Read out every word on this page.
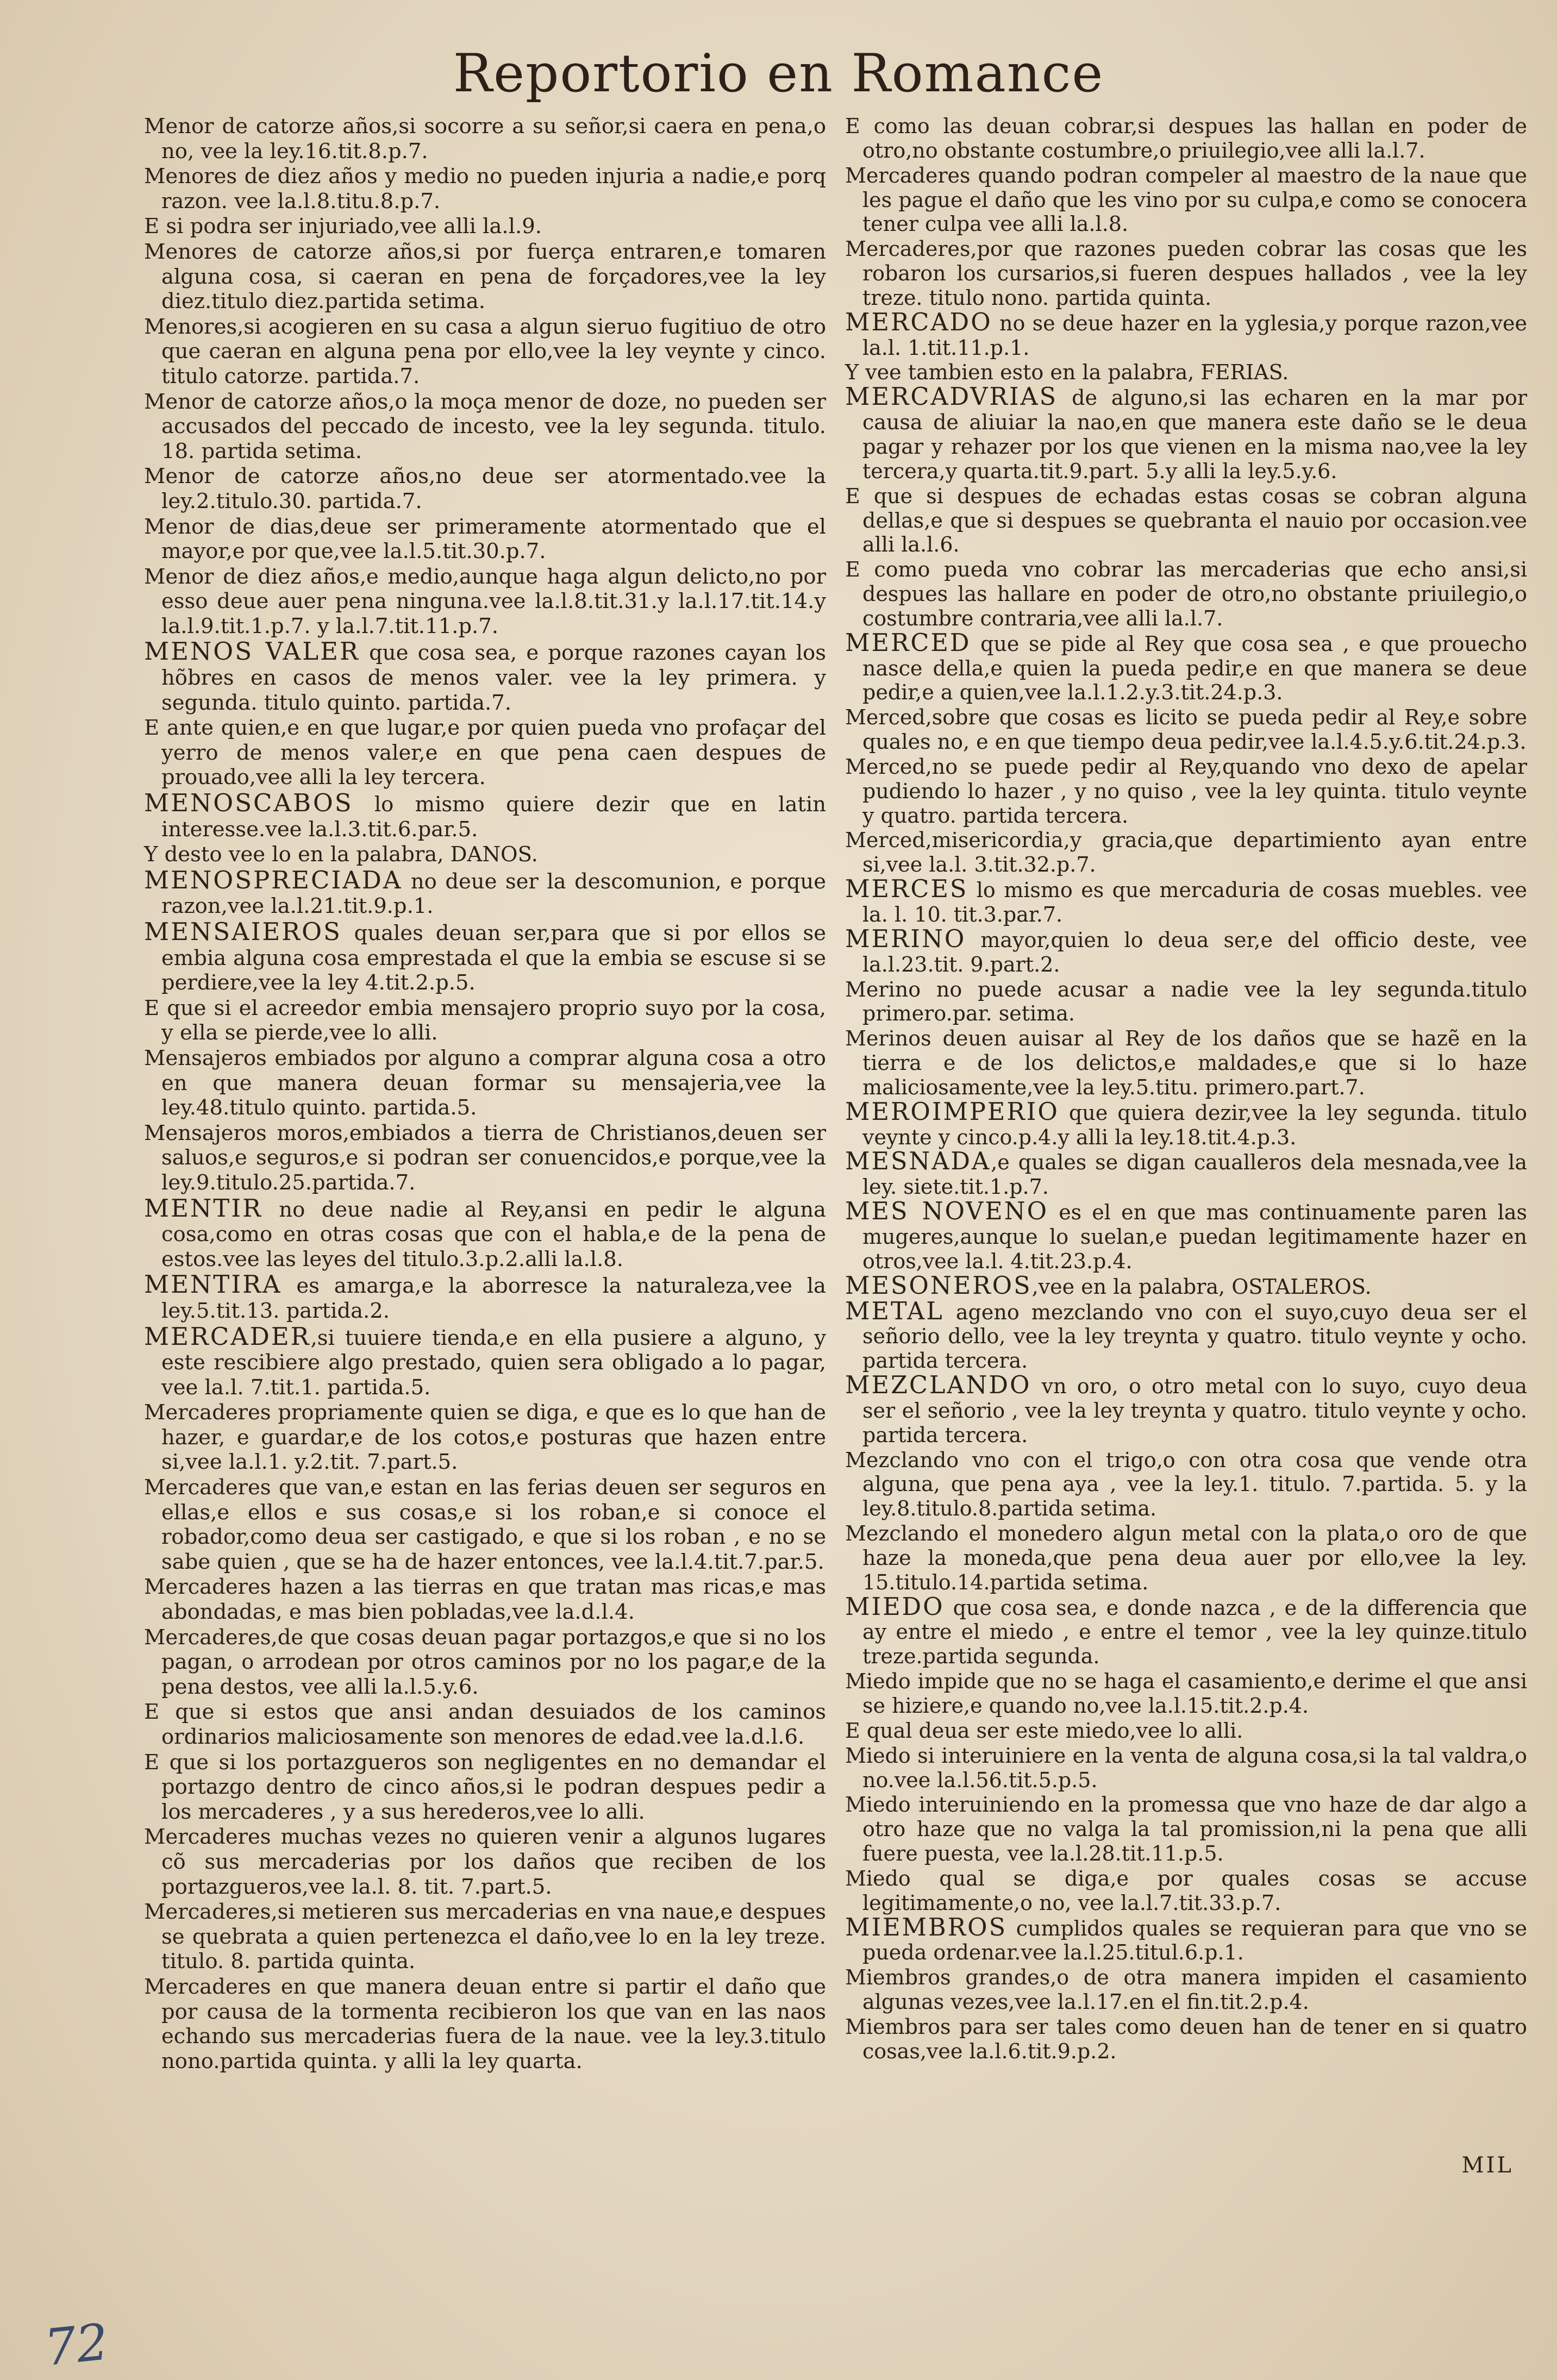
Reportorio en Romance

Menor de catorze años,si socorre a su señor,si caera en pena,o no, vee la ley.16.tit.8.p.7.

Menores de diez años y medio no pueden injuria a nadie,e porq razon. vee la.l.8.titu.8.p.7.

E si podra ser injuriado,vee alli la.l.9.

Menores de catorze años,si por fuerça entraren,e tomaren alguna cosa, si caeran en pena de forçadores,vee la ley diez.titulo diez.partida setima.

Menores,si acogieren en su casa a algun sieruo fugitiuo de otro que caeran en alguna pena por ello,vee la ley veynte y cinco. titulo catorze. partida.7.

Menor de catorze años,o la moça menor de doze, no pueden ser accusados del peccado de incesto, vee la ley segunda. titulo. 18. partida setima.

Menor de catorze años,no deue ser atormentado.vee la ley.2.titulo.30. partida.7.

Menor de dias,deue ser primeramente atormentado que el mayor,e por que,vee la.l.5.tit.30.p.7.

Menor de diez años,e medio,aunque haga algun delicto,no por esso deue auer pena ninguna.vee la.l.8.tit.31.y la.l.17.tit.14.y la.l.9.tit.1.p.7. y la.l.7.tit.11.p.7.

MENOS VALER que cosa sea, e porque razones cayan los hõbres en casos de menos valer. vee la ley primera. y segunda. titulo quinto. partida.7.

E ante quien,e en que lugar,e por quien pueda vno profaçar del yerro de menos valer,e en que pena caen despues de prouado,vee alli la ley tercera.

MENOSCABOS lo mismo quiere dezir que en latin interesse.vee la.l.3.tit.6.par.5.

Y desto vee lo en la palabra, DANOS.

MENOSPRECIADA no deue ser la descomunion, e porque razon,vee la.l.21.tit.9.p.1.

MENSAIEROS quales deuan ser,para que si por ellos se embia alguna cosa emprestada el que la embia se escuse si se perdiere,vee la ley 4.tit.2.p.5.

E que si el acreedor embia mensajero proprio suyo por la cosa, y ella se pierde,vee lo alli.

Mensajeros embiados por alguno a comprar alguna cosa a otro en que manera deuan formar su mensajeria,vee la ley.48.titulo quinto. partida.5.

Mensajeros moros,embiados a tierra de Christianos,deuen ser saluos,e seguros,e si podran ser conuencidos,e porque,vee la ley.9.titulo.25.partida.7.

MENTIR no deue nadie al Rey,ansi en pedir le alguna cosa,como en otras cosas que con el habla,e de la pena de estos.vee las leyes del titulo.3.p.2.alli la.l.8.

MENTIRA es amarga,e la aborresce la naturaleza,vee la ley.5.tit.13. partida.2.

MERCADER,si tuuiere tienda,e en ella pusiere a alguno, y este rescibiere algo prestado, quien sera obligado a lo pagar, vee la.l. 7.tit.1. partida.5.

Mercaderes propriamente quien se diga, e que es lo que han de hazer, e guardar,e de los cotos,e posturas que hazen entre si,vee la.l.1. y.2.tit. 7.part.5.

Mercaderes que van,e estan en las ferias deuen ser seguros en ellas,e ellos e sus cosas,e si los roban,e si conoce el robador,como deua ser castigado, e que si los roban , e no se sabe quien , que se ha de hazer entonces, vee la.l.4.tit.7.par.5.

Mercaderes hazen a las tierras en que tratan mas ricas,e mas abondadas, e mas bien pobladas,vee la.d.l.4.

Mercaderes,de que cosas deuan pagar portazgos,e que si no los pagan, o arrodean por otros caminos por no los pagar,e de la pena destos, vee alli la.l.5.y.6.

E que si estos que ansi andan desuiados de los caminos ordinarios maliciosamente son menores de edad.vee la.d.l.6.

E que si los portazgueros son negligentes en no demandar el portazgo dentro de cinco años,si le podran despues pedir a los mercaderes , y a sus herederos,vee lo alli.

Mercaderes muchas vezes no quieren venir a algunos lugares cõ sus mercaderias por los daños que reciben de los portazgueros,vee la.l. 8. tit. 7.part.5.

Mercaderes,si metieren sus mercaderias en vna naue,e despues se quebrata a quien pertenezca el daño,vee lo en la ley treze. titulo. 8. partida quinta.

Mercaderes en que manera deuan entre si partir el daño que por causa de la tormenta recibieron los que van en las naos echando sus mercaderias fuera de la naue. vee la ley.3.titulo nono.partida quinta. y alli la ley quarta.

E como las deuan cobrar,si despues las hallan en poder de otro,no obstante costumbre,o priuilegio,vee alli la.l.7.

Mercaderes quando podran compeler al maestro de la naue que les pague el daño que les vino por su culpa,e como se conocera tener culpa vee alli la.l.8.

Mercaderes,por que razones pueden cobrar las cosas que les robaron los cursarios,si fueren despues hallados , vee la ley treze. titulo nono. partida quinta.

MERCADO no se deue hazer en la yglesia,y porque razon,vee la.l. 1.tit.11.p.1.

Y vee tambien esto en la palabra, FERIAS.

MERCADVRIAS de alguno,si las echaren en la mar por causa de aliuiar la nao,en que manera este daño se le deua pagar y rehazer por los que vienen en la misma nao,vee la ley tercera,y quarta.tit.9.part. 5.y alli la ley.5.y.6.

E que si despues de echadas estas cosas se cobran alguna dellas,e que si despues se quebranta el nauio por occasion.vee alli la.l.6.

E como pueda vno cobrar las mercaderias que echo ansi,si despues las hallare en poder de otro,no obstante priuilegio,o costumbre contraria,vee alli la.l.7.

MERCED que se pide al Rey que cosa sea , e que prouecho nasce della,e quien la pueda pedir,e en que manera se deue pedir,e a quien,vee la.l.1.2.y.3.tit.24.p.3.

Merced,sobre que cosas es licito se pueda pedir al Rey,e sobre quales no, e en que tiempo deua pedir,vee la.l.4.5.y.6.tit.24.p.3.

Merced,no se puede pedir al Rey,quando vno dexo de apelar pudiendo lo hazer , y no quiso , vee la ley quinta. titulo veynte y quatro. partida tercera.

Merced,misericordia,y gracia,que departimiento ayan entre si,vee la.l. 3.tit.32.p.7.

MERCES lo mismo es que mercaduria de cosas muebles. vee la. l. 10. tit.3.par.7.

MERINO mayor,quien lo deua ser,e del officio deste, vee la.l.23.tit. 9.part.2.

Merino no puede acusar a nadie vee la ley segunda.titulo primero.par. setima.

Merinos deuen auisar al Rey de los daños que se hazẽ en la tierra e de los delictos,e maldades,e que si lo haze maliciosamente,vee la ley.5.titu. primero.part.7.

MEROIMPERIO que quiera dezir,vee la ley segunda. titulo veynte y cinco.p.4.y alli la ley.18.tit.4.p.3.

MESNADA,e quales se digan caualleros dela mesnada,vee la ley. siete.tit.1.p.7.

MES NOVENO es el en que mas continuamente paren las mugeres,aunque lo suelan,e puedan legitimamente hazer en otros,vee la.l. 4.tit.23.p.4.

MESONEROS,vee en la palabra, OSTALEROS.

METAL ageno mezclando vno con el suyo,cuyo deua ser el señorio dello, vee la ley treynta y quatro. titulo veynte y ocho. partida tercera.

MEZCLANDO vn oro, o otro metal con lo suyo, cuyo deua ser el señorio , vee la ley treynta y quatro. titulo veynte y ocho. partida tercera.

Mezclando vno con el trigo,o con otra cosa que vende otra alguna, que pena aya , vee la ley.1. titulo. 7.partida. 5. y la ley.8.titulo.8.partida setima.

Mezclando el monedero algun metal con la plata,o oro de que haze la moneda,que pena deua auer por ello,vee la ley. 15.titulo.14.partida setima.

MIEDO que cosa sea, e donde nazca , e de la differencia que ay entre el miedo , e entre el temor , vee la ley quinze.titulo treze.partida segunda.

Miedo impide que no se haga el casamiento,e derime el que ansi se hiziere,e quando no,vee la.l.15.tit.2.p.4.

E qual deua ser este miedo,vee lo alli.

Miedo si interuiniere en la venta de alguna cosa,si la tal valdra,o no.vee la.l.56.tit.5.p.5.

Miedo interuiniendo en la promessa que vno haze de dar algo a otro haze que no valga la tal promission,ni la pena que alli fuere puesta, vee la.l.28.tit.11.p.5.

Miedo qual se diga,e por quales cosas se accuse legitimamente,o no, vee la.l.7.tit.33.p.7.

MIEMBROS cumplidos quales se requieran para que vno se pueda ordenar.vee la.l.25.titul.6.p.1.

Miembros grandes,o de otra manera impiden el casamiento algunas vezes,vee la.l.17.en el fin.tit.2.p.4.

Miembros para ser tales como deuen han de tener en si quatro cosas,vee la.l.6.tit.9.p.2.

MIL
72
